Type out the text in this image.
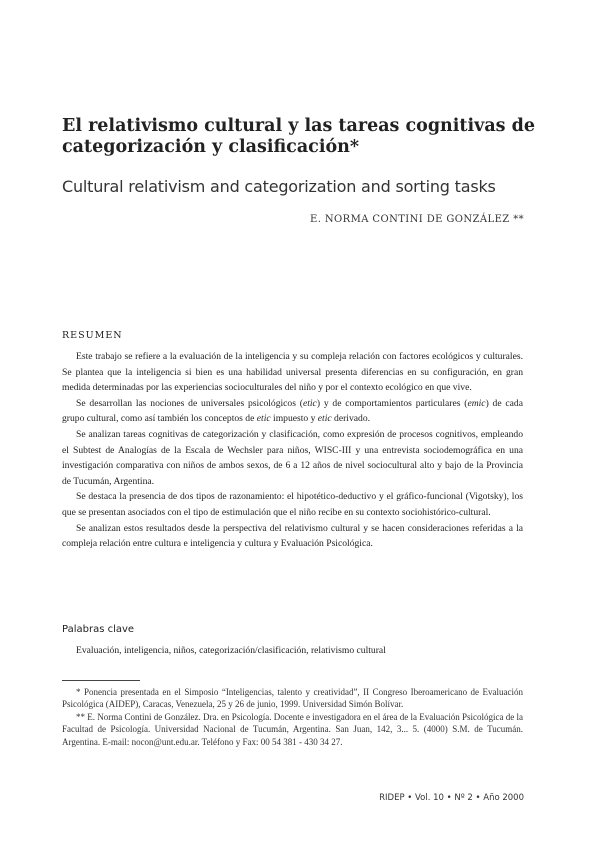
El relativismo cultural y las tareas cognitivas de categorización y clasificación*
Cultural relativism and categorization and sorting tasks
E. NORMA CONTINI DE GONZÁLEZ **
RESUMEN

Este trabajo se refiere a la evaluación de la inteligencia y su compleja relación con factores ecológicos y culturales. Se plantea que la inteligencia si bien es una habilidad universal presenta diferencias en su configuración, en gran medida determinadas por las experiencias socioculturales del niño y por el contexto ecológico en que vive.

Se desarrollan las nociones de universales psicológicos (etic) y de comportamientos particulares (emic) de cada grupo cultural, como así también los conceptos de etic impuesto y etic derivado.

Se analizan tareas cognitivas de categorización y clasificación, como expresión de procesos cognitivos, empleando el Subtest de Analogías de la Escala de Wechsler para niños, WISC-III y una entrevista sociodemográfica en una investigación comparativa con niños de ambos sexos, de 6 a 12 años de nivel sociocultural alto y bajo de la Provincia de Tucumán, Argentina.

Se destaca la presencia de dos tipos de razonamiento: el hipotético-deductivo y el gráfico-funcional (Vigotsky), los que se presentan asociados con el tipo de estimulación que el niño recibe en su contexto sociohistórico-cultural.

Se analizan estos resultados desde la perspectiva del relativismo cultural y se hacen consideraciones referidas a la compleja relación entre cultura e inteligencia y cultura y Evaluación Psicológica.

Palabras clave
Evaluación, inteligencia, niños, categorización/clasificación, relativismo cultural

* Ponencia presentada en el Simposio “Inteligencias, talento y creatividad”, II Congreso Iberoamericano de Evaluación Psicológica (AIDEP), Caracas, Venezuela, 25 y 26 de junio, 1999. Universidad Simón Bolívar.

** E. Norma Contini de González. Dra. en Psicología. Docente e investigadora en el área de la Evaluación Psicológica de la Facultad de Psicología. Universidad Nacional de Tucumán, Argentina. San Juan, 142, 3... 5. (4000) S.M. de Tucumán. Argentina. E-mail: nocon@unt.edu.ar. Teléfono y Fax: 00 54 381 - 430 34 27.

RIDEP • Vol. 10 • Nº 2 • Año 2000
